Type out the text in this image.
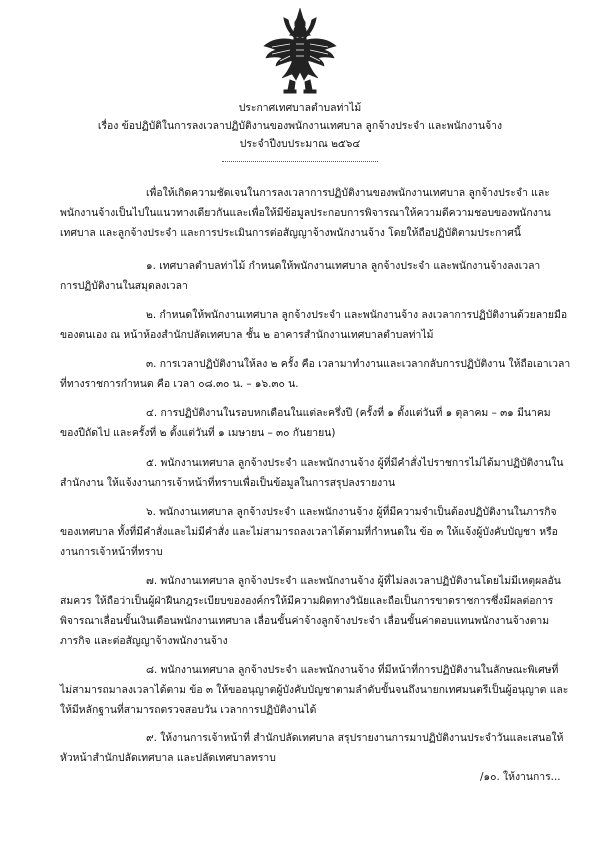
ประกาศเทศบาลตำบลท่าไม้
เรื่อง ข้อปฏิบัติในการลงเวลาปฏิบัติงานของพนักงานเทศบาล ลูกจ้างประจำ และพนักงานจ้าง
ประจำปีงบประมาณ ๒๕๖๔
เพื่อให้เกิดความชัดเจนในการลงเวลาการปฏิบัติงานของพนักงานเทศบาล ลูกจ้างประจำ และ
พนักงานจ้างเป็นไปในแนวทางเดียวกันและเพื่อให้มีข้อมูลประกอบการพิจารณาให้ความดีความชอบของพนักงาน
เทศบาล และลูกจ้างประจำ และการประเมินการต่อสัญญาจ้างพนักงานจ้าง โดยให้ถือปฏิบัติตามประกาศนี้
๑. เทศบาลตำบลท่าไม้ กำหนดให้พนักงานเทศบาล ลูกจ้างประจำ และพนักงานจ้างลงเวลา
การปฏิบัติงานในสมุดลงเวลา
๒. กำหนดให้พนักงานเทศบาล ลูกจ้างประจำ และพนักงานจ้าง ลงเวลาการปฏิบัติงานด้วยลายมือ
ของตนเอง ณ หน้าห้องสำนักปลัดเทศบาล ชั้น ๒ อาคารสำนักงานเทศบาลตำบลท่าไม้
๓. การเวลาปฏิบัติงานให้ลง ๒ ครั้ง คือ เวลามาทำงานและเวลากลับการปฏิบัติงาน ให้ถือเอาเวลา
ที่ทางราชการกำหนด คือ เวลา ๐๘.๓๐ น. – ๑๖.๓๐ น.
๔. การปฏิบัติงานในรอบหกเดือนในแต่ละครึ่งปี (ครั้งที่ ๑ ตั้งแต่วันที่ ๑ ตุลาคม – ๓๑ มีนาคม
ของปีถัดไป และครั้งที่ ๒ ตั้งแต่วันที่ ๑ เมษายน – ๓๐ กันยายน)
๕. พนักงานเทศบาล ลูกจ้างประจำ และพนักงานจ้าง ผู้ที่มีคำสั่งไปราชการไม่ได้มาปฏิบัติงานใน
สำนักงาน ให้แจ้งงานการเจ้าหน้าที่ทราบเพื่อเป็นข้อมูลในการสรุปลงรายงาน
๖. พนักงานเทศบาล ลูกจ้างประจำ และพนักงานจ้าง ผู้ที่มีความจำเป็นต้องปฏิบัติงานในภารกิจ
ของเทศบาล ทั้งที่มีคำสั่งและไม่มีคำสั่ง และไม่สามารถลงเวลาได้ตามที่กำหนดใน ข้อ ๓ ให้แจ้งผู้บังคับบัญชา หรือ
งานการเจ้าหน้าที่ทราบ
๗. พนักงานเทศบาล ลูกจ้างประจำ และพนักงานจ้าง ผู้ที่ไม่ลงเวลาปฏิบัติงานโดยไม่มีเหตุผลอัน
สมควร ให้ถือว่าเป็นผู้ฝ่าฝืนกฎระเบียบขององค์กรให้มีความผิดทางวินัยและถือเป็นการขาดราชการซึ่งมีผลต่อการ
พิจารณาเลื่อนขั้นเงินเดือนพนักงานเทศบาล เลื่อนขั้นค่าจ้างลูกจ้างประจำ เลื่อนขั้นค่าตอบแทนพนักงานจ้างตาม
ภารกิจ และต่อสัญญาจ้างพนักงานจ้าง
๘. พนักงานเทศบาล ลูกจ้างประจำ และพนักงานจ้าง ที่มีหน้าที่การปฏิบัติงานในลักษณะพิเศษที่
ไม่สามารถมาลงเวลาได้ตาม ข้อ ๓ ให้ขออนุญาตผู้บังคับบัญชาตามลำดับขั้นจนถึงนายกเทศมนตรีเป็นผู้อนุญาต และ
ให้มีหลักฐานที่สามารถตรวจสอบวัน เวลาการปฏิบัติงานได้
๙. ให้งานการเจ้าหน้าที่ สำนักปลัดเทศบาล สรุปรายงานการมาปฏิบัติงานประจำวันและเสนอให้
หัวหน้าสำนักปลัดเทศบาล และปลัดเทศบาลทราบ
/๑๐. ให้งานการ...
